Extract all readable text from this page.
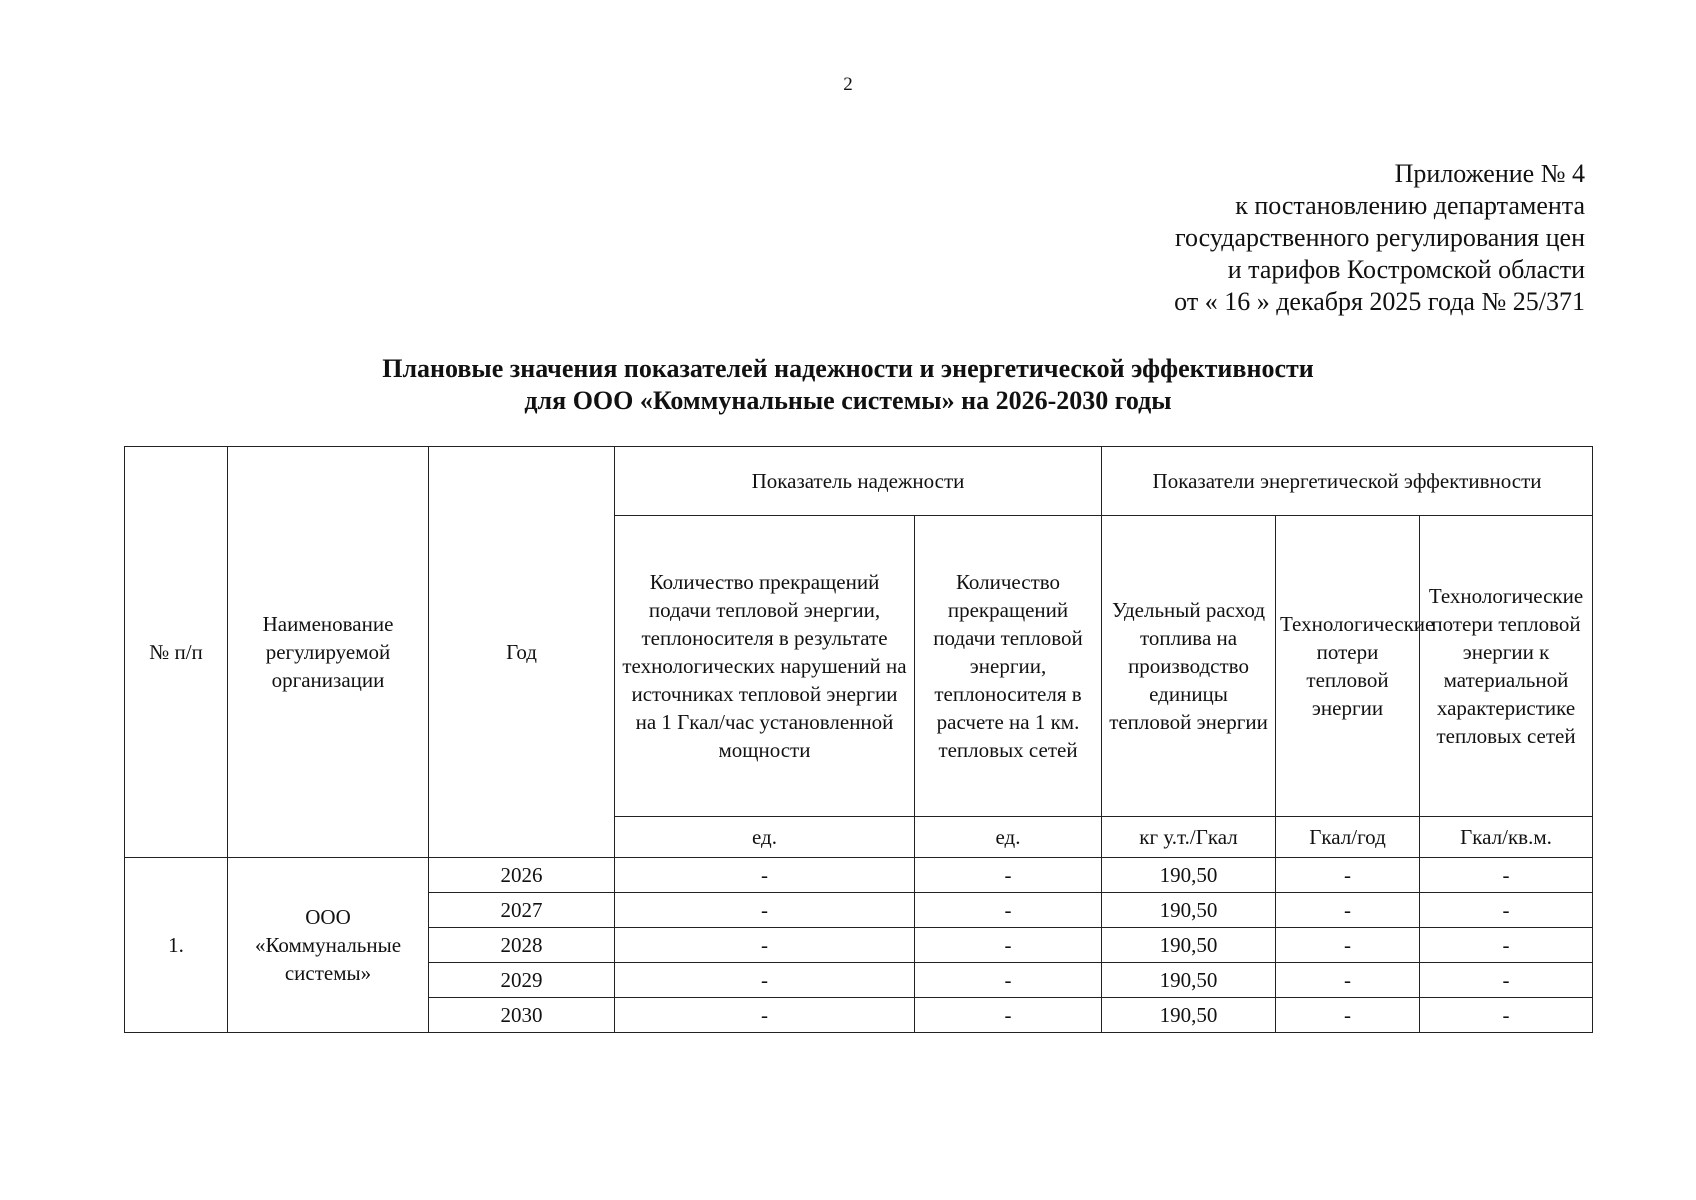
2
Приложение № 4
к постановлению департамента
государственного регулирования цен
и тарифов Костромской области
от « 16 » декабря 2025 года № 25/371
Плановые значения показателей надежности и энергетической эффективности
для ООО «Коммунальные системы» на 2026-2030 годы
№ п/п	Наименование регулируемой организации	Год	Показатель надежности		Показатели энергетической эффективности		
			Количество прекращений подачи тепловой энергии, теплоносителя в результате технологических нарушений на источниках тепловой энергии на 1 Гкал/час установленной мощности	Количество прекращений подачи тепловой энергии, теплоносителя в расчете на 1 км. тепловых сетей	Удельный расход топлива на производство единицы тепловой энергии	Технологические потери тепловой энергии	Технологические потери тепловой энергии к материальной характеристике тепловых сетей
			ед.	ед.	кг у.т./Гкал	Гкал/год	Гкал/кв.м.
1.	ООО «Коммунальные системы»	2026	-	-	190,50	-	-
		2027	-	-	190,50	-	-
		2028	-	-	190,50	-	-
		2029	-	-	190,50	-	-
		2030	-	-	190,50	-	-
